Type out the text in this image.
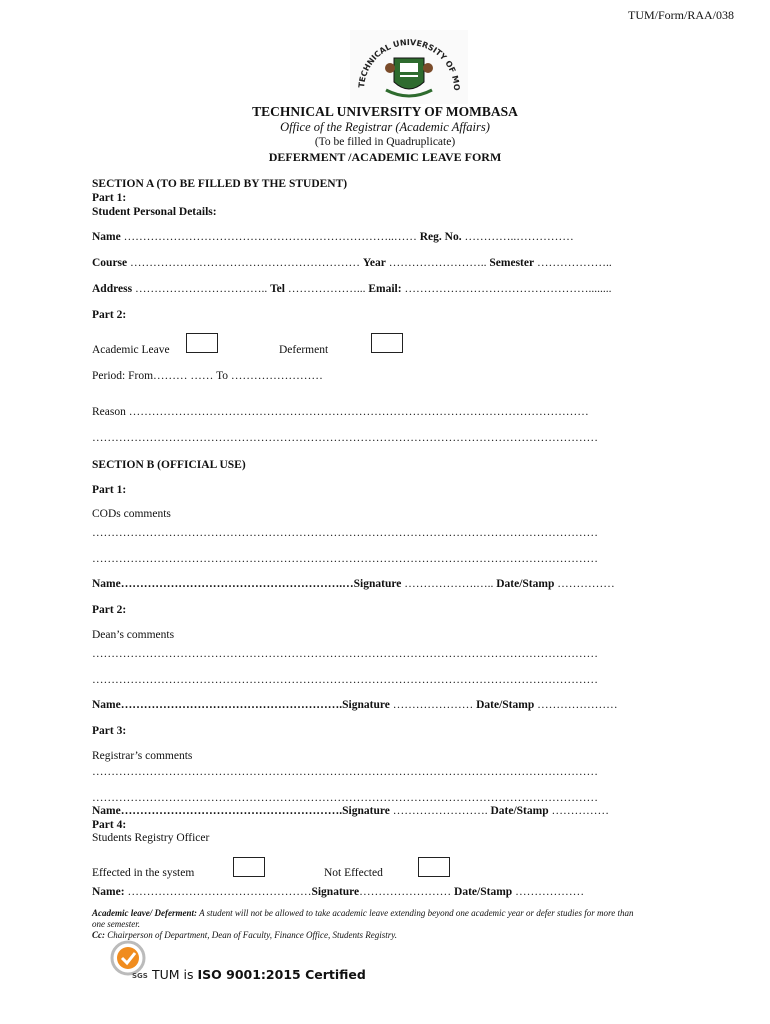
TUM/Form/RAA/038
TECHNICAL UNIVERSITY OF MO
TECHNICAL UNIVERSITY OF MOMBASA
Office of the Registrar (Academic Affairs)
(To be filled in Quadruplicate)
DEFERMENT /ACADEMIC LEAVE FORM
SECTION A (TO BE FILLED BY THE STUDENT)
Part 1:
Student Personal Details:
Name ……………………………………………………………..…… Reg. No. …………..……………
Course …………………………………………………… Year …………………….. Semester ………………..
Address …………………………….. Tel ………………... Email: …………………………………………........
Part 2:
Academic Leave	Deferment
Period: From……… …… To ……………………
Reason …………………………………………………………………………………………………………
……………………………………………………………………………………………………………………
SECTION B (OFFICIAL USE)
Part 1:
CODs comments
……………………………………………………………………………………………………………………
……………………………………………………………………………………………………………………
Name………………………………………………….…Signature ……………….….. Date/Stamp ……………
Part 2:
Dean’s comments
……………………………………………………………………………………………………………………
……………………………………………………………………………………………………………………
Name………………………………………………….Signature ………………… Date/Stamp …………………
Part 3:
Registrar’s comments
……………………………………………………………………………………………………………………
……………………………………………………………………………………………………………………
Name………………………………………………….Signature ……………………. Date/Stamp ……………
Part 4:
Students Registry Officer
Effected in the system	Not Effected
Name: …………………………………………Signature…………………… Date/Stamp ………………
Academic leave/ Deferment: A student will not be allowed to take academic leave extending beyond one academic year or defer studies for more than
one semester.
Cc: Chairperson of Department, Dean of Faculty, Finance Office, Students Registry.
SGS TUM is ISO 9001:2015 Certified
